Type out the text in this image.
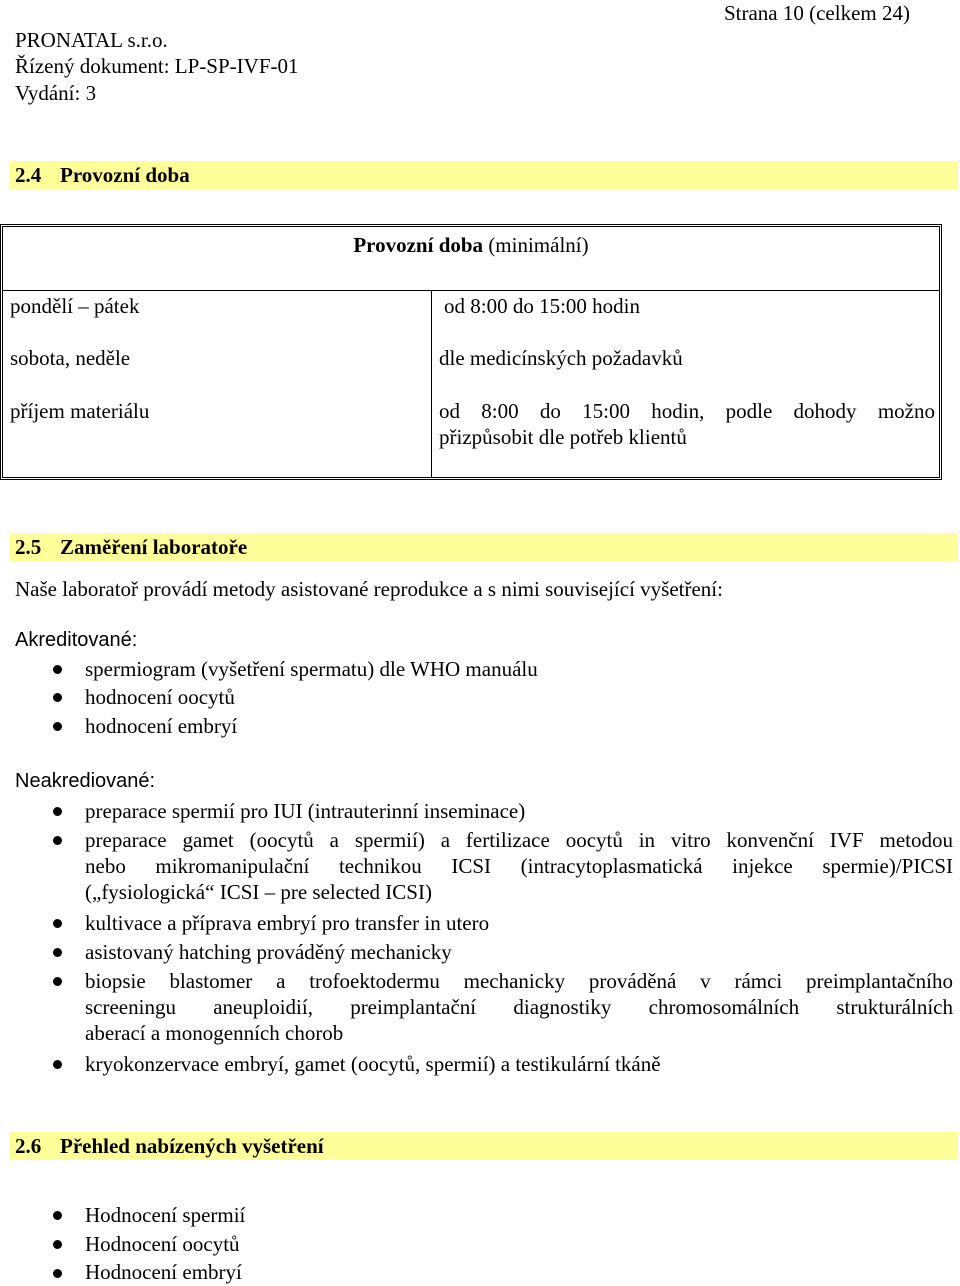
Strana 10 (celkem 24)
PRONATAL s.r.o.
Řízený dokument: LP-SP-IVF-01
Vydání: 3
2.4 Provozní doba
Provozní doba (minimální)
pondělí – pátek	od 8:00 do 15:00 hodin
sobota, neděle	dle medicínských požadavků
příjem materiálu	od 8:00 do 15:00 hodin, podle dohody možno
přizpůsobit dle potřeb klientů
2.5 Zaměření laboratoře
Naše laboratoř provádí metody asistované reprodukce a s nimi související vyšetření:
Akreditované:
spermiogram (vyšetření spermatu) dle WHO manuálu
hodnocení oocytů
hodnocení embryí
Neakrediované:
preparace spermií pro IUI (intrauterinní inseminace)
preparace gamet (oocytů a spermií) a fertilizace oocytů in vitro konvenční IVF metodou
nebo mikromanipulační technikou ICSI (intracytoplasmatická injekce spermie)/PICSI
(„fysiologická“ ICSI – pre selected ICSI)
kultivace a příprava embryí pro transfer in utero
asistovaný hatching prováděný mechanicky
biopsie blastomer a trofoektodermu mechanicky prováděná v rámci preimplantačního
screeningu aneuploidií, preimplantační diagnostiky chromosomálních strukturálních
aberací a monogenních chorob
kryokonzervace embryí, gamet (oocytů, spermií) a testikulární tkáně
2.6 Přehled nabízených vyšetření
Hodnocení spermií
Hodnocení oocytů
Hodnocení embryí
